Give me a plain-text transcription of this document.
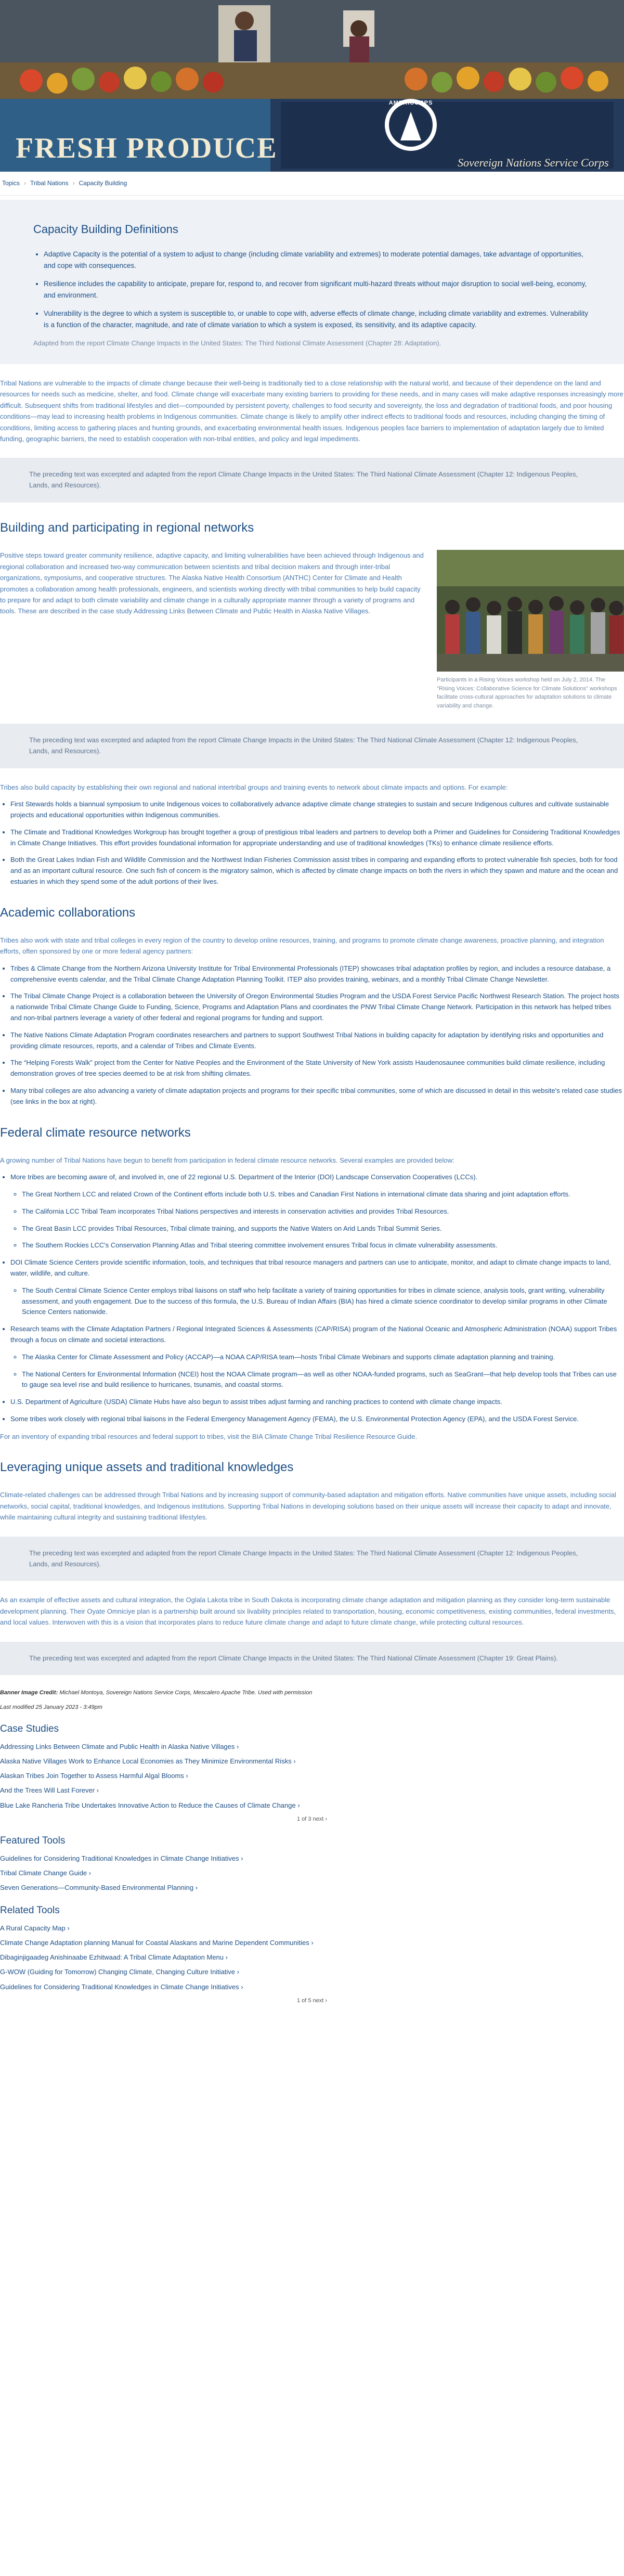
FRESH PRODUCE
AMERICORPS
Sovereign Nations Service Corps
Topics › Tribal Nations › Capacity Building
Capacity Building Definitions
• Adaptive Capacity is the potential of a system to adjust to change (including climate variability and extremes) to moderate potential damages, take advantage of opportunities, and cope with consequences.
• Resilience includes the capability to anticipate, prepare for, respond to, and recover from significant multi-hazard threats without major disruption to social well-being, economy, and environment.
• Vulnerability is the degree to which a system is susceptible to, or unable to cope with, adverse effects of climate change, including climate variability and extremes. Vulnerability is a function of the character, magnitude, and rate of climate variation to which a system is exposed, its sensitivity, and its adaptive capacity.

Adapted from the report Climate Change Impacts in the United States: The Third National Climate Assessment (Chapter 28: Adaptation).

Tribal Nations are vulnerable to the impacts of climate change because their well-being is traditionally tied to a close relationship with the natural world, and because of their dependence on the land and resources for needs such as medicine, shelter, and food. Climate change will exacerbate many existing barriers to providing for these needs, and in many cases will make adaptive responses increasingly more difficult. Subsequent shifts from traditional lifestyles and diet—compounded by persistent poverty, challenges to food security and sovereignty, the loss and degradation of traditional foods, and poor housing conditions—may lead to increasing health problems in Indigenous communities. Climate change is likely to amplify other indirect effects to traditional foods and resources, including changing the timing of conditions, limiting access to gathering places and hunting grounds, and exacerbating environmental health issues. Indigenous peoples face barriers to implementation of adaptation largely due to limited funding, geographic barriers, the need to establish cooperation with non-tribal entities, and policy and legal impediments.

The preceding text was excerpted and adapted from the report Climate Change Impacts in the United States: The Third National Climate Assessment (Chapter 12: Indigenous Peoples, Lands, and Resources).
Building and participating in regional networks

Positive steps toward greater community resilience, adaptive capacity, and limiting vulnerabilities have been achieved through Indigenous and regional collaboration and increased two-way communication between scientists and tribal decision makers and through inter-tribal organizations, symposiums, and cooperative structures. The Alaska Native Health Consortium (ANTHC) Center for Climate and Health promotes a collaboration among health professionals, engineers, and scientists working directly with tribal communities to help build capacity to prepare for and adapt to both climate variability and climate change in a culturally appropriate manner through a variety of programs and tools. These are described in the case study Addressing Links Between Climate and Public Health in Alaska Native Villages.

Participants in a Rising Voices workshop held on July 2, 2014. The "Rising Voices: Collaborative Science for Climate Solutions" workshops facilitate cross-cultural approaches for adaptation solutions to climate variability and change.
The preceding text was excerpted and adapted from the report Climate Change Impacts in the United States: The Third National Climate Assessment (Chapter 12: Indigenous Peoples, Lands, and Resources).

Tribes also build capacity by establishing their own regional and national intertribal groups and training events to network about climate impacts and options. For example:

• First Stewards holds a biannual symposium to unite Indigenous voices to collaboratively advance adaptive climate change strategies to sustain and secure Indigenous cultures and cultivate sustainable projects and educational opportunities within Indigenous communities.
• The Climate and Traditional Knowledges Workgroup has brought together a group of prestigious tribal leaders and partners to develop both a Primer and Guidelines for Considering Traditional Knowledges in Climate Change Initiatives. This effort provides foundational information for appropriate understanding and use of traditional knowledges (TKs) to enhance climate resilience efforts.
• Both the Great Lakes Indian Fish and Wildlife Commission and the Northwest Indian Fisheries Commission assist tribes in comparing and expanding efforts to protect vulnerable fish species, both for food and as an important cultural resource. One such fish of concern is the migratory salmon, which is affected by climate change impacts on both the rivers in which they spawn and mature and the ocean and estuaries in which they spend some of the adult portions of their lives.
Academic collaborations

Tribes also work with state and tribal colleges in every region of the country to develop online resources, training, and programs to promote climate change awareness, proactive planning, and integration efforts, often sponsored by one or more federal agency partners:

• Tribes & Climate Change from the Northern Arizona University Institute for Tribal Environmental Professionals (ITEP) showcases tribal adaptation profiles by region, and includes a resource database, a comprehensive events calendar, and the Tribal Climate Change Adaptation Planning Toolkit. ITEP also provides training, webinars, and a monthly Tribal Climate Change Newsletter.
• The Tribal Climate Change Project is a collaboration between the University of Oregon Environmental Studies Program and the USDA Forest Service Pacific Northwest Research Station. The project hosts a nationwide Tribal Climate Change Guide to Funding, Science, Programs and Adaptation Plans and coordinates the PNW Tribal Climate Change Network. Participation in this network has helped tribes and non-tribal partners leverage a variety of other federal and regional programs for funding and support.
• The Native Nations Climate Adaptation Program coordinates researchers and partners to support Southwest Tribal Nations in building capacity for adaptation by identifying risks and opportunities and providing climate resources, reports, and a calendar of Tribes and Climate Events.
• The “Helping Forests Walk” project from the Center for Native Peoples and the Environment of the State University of New York assists Haudenosaunee communities build climate resilience, including demonstration groves of tree species deemed to be at risk from shifting climates.
• Many tribal colleges are also advancing a variety of climate adaptation projects and programs for their specific tribal communities, some of which are discussed in detail in this website's related case studies (see links in the box at right).
Federal climate resource networks

A growing number of Tribal Nations have begun to benefit from participation in federal climate resource networks. Several examples are provided below:

• More tribes are becoming aware of, and involved in, one of 22 regional U.S. Department of the Interior (DOI) Landscape Conservation Cooperatives (LCCs).
◦ The Great Northern LCC and related Crown of the Continent efforts include both U.S. tribes and Canadian First Nations in international climate data sharing and joint adaptation efforts.
◦ The California LCC Tribal Team incorporates Tribal Nations perspectives and interests in conservation activities and provides Tribal Resources.
◦ The Great Basin LCC provides Tribal Resources, Tribal climate training, and supports the Native Waters on Arid Lands Tribal Summit Series.
◦ The Southern Rockies LCC's Conservation Planning Atlas and Tribal steering committee involvement ensures Tribal focus in climate vulnerability assessments.
• DOI Climate Science Centers provide scientific information, tools, and techniques that tribal resource managers and partners can use to anticipate, monitor, and adapt to climate change impacts to land, water, wildlife, and culture.
◦ The South Central Climate Science Center employs tribal liaisons on staff who help facilitate a variety of training opportunities for tribes in climate science, analysis tools, grant writing, vulnerability assessment, and youth engagement. Due to the success of this formula, the U.S. Bureau of Indian Affairs (BIA) has hired a climate science coordinator to develop similar programs in other Climate Science Centers nationwide.
• Research teams with the Climate Adaptation Partners / Regional Integrated Sciences & Assessments (CAP/RISA) program of the National Oceanic and Atmospheric Administration (NOAA) support Tribes through a focus on climate and societal interactions.
◦ The Alaska Center for Climate Assessment and Policy (ACCAP)—a NOAA CAP/RISA team—hosts Tribal Climate Webinars and supports climate adaptation planning and training.
◦ The National Centers for Environmental Information (NCEI) host the NOAA Climate program—as well as other NOAA-funded programs, such as SeaGrant—that help develop tools that Tribes can use to gauge sea level rise and build resilience to hurricanes, tsunamis, and coastal storms.
• U.S. Department of Agriculture (USDA) Climate Hubs have also begun to assist tribes adjust farming and ranching practices to contend with climate change impacts.
• Some tribes work closely with regional tribal liaisons in the Federal Emergency Management Agency (FEMA), the U.S. Environmental Protection Agency (EPA), and the USDA Forest Service.

For an inventory of expanding tribal resources and federal support to tribes, visit the BIA Climate Change Tribal Resilience Resource Guide.

Leveraging unique assets and traditional knowledges

Climate-related challenges can be addressed through Tribal Nations and by increasing support of community-based adaptation and mitigation efforts. Native communities have unique assets, including social networks, social capital, traditional knowledges, and Indigenous institutions. Supporting Tribal Nations in developing solutions based on their unique assets will increase their capacity to adapt and innovate, while maintaining cultural integrity and sustaining traditional lifestyles.

The preceding text was excerpted and adapted from the report Climate Change Impacts in the United States: The Third National Climate Assessment (Chapter 12: Indigenous Peoples, Lands, and Resources).

As an example of effective assets and cultural integration, the Oglala Lakota tribe in South Dakota is incorporating climate change adaptation and mitigation planning as they consider long-term sustainable development planning. Their Oyate Omniciye plan is a partnership built around six livability principles related to transportation, housing, economic competitiveness, existing communities, federal investments, and local values. Interwoven with this is a vision that incorporates plans to reduce future climate change and adapt to future climate change, while protecting cultural resources.

The preceding text was excerpted and adapted from the report Climate Change Impacts in the United States: The Third National Climate Assessment (Chapter 19: Great Plains).

Banner Image Credit: Michael Montoya, Sovereign Nations Service Corps, Mescalero Apache Tribe. Used with permission

Last modified 25 January 2023 - 3:49pm

Case Studies
Addressing Links Between Climate and Public Health in Alaska Native Villages ›
Alaska Native Villages Work to Enhance Local Economies as They Minimize Environmental Risks ›
Alaskan Tribes Join Together to Assess Harmful Algal Blooms ›
And the Trees Will Last Forever ›
Blue Lake Rancheria Tribe Undertakes Innovative Action to Reduce the Causes of Climate Change ›
1 of 3 next ›
Featured Tools
Guidelines for Considering Traditional Knowledges in Climate Change Initiatives ›
Tribal Climate Change Guide ›
Seven Generations—Community-Based Environmental Planning ›
Related Tools
A Rural Capacity Map ›
Climate Change Adaptation planning Manual for Coastal Alaskans and Marine Dependent Communities ›
Dibaginjigaadeg Anishinaabe Ezhitwaad: A Tribal Climate Adaptation Menu ›
G-WOW (Guiding for Tomorrow) Changing Climate, Changing Culture Initiative ›
Guidelines for Considering Traditional Knowledges in Climate Change Initiatives ›
1 of 5 next ›
